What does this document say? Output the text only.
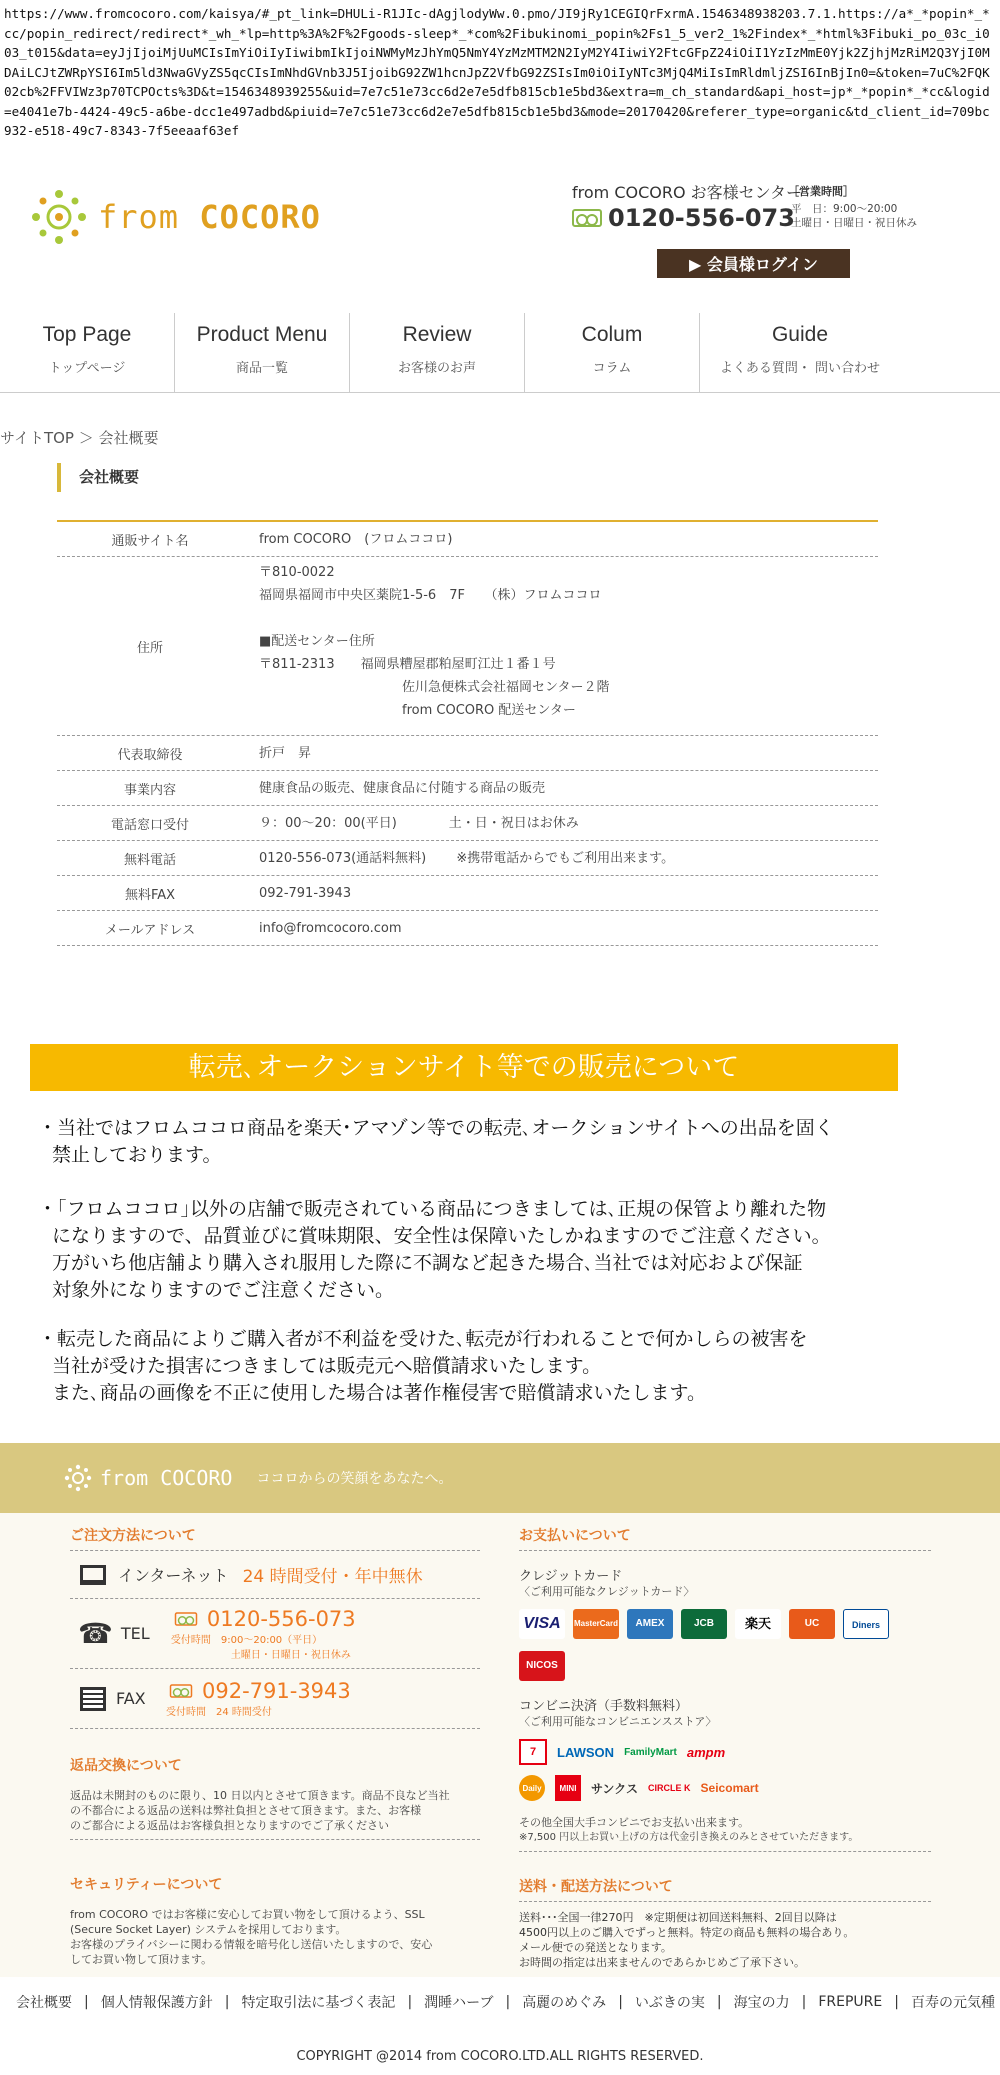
https://www.fromcocoro.com/kaisya/#_pt_link=DHULi-R1JIc-dAgjlodyWw.0.pmo/JI9jRy1CEGIQrFxrmA.1546348938203.7.1.https://a*_*popin*_*cc/popin_redirect/redirect*_wh_*lp=http%3A%2F%2Fgoods-sleep*_*com%2Fibukinomi_popin%2Fs1_5_ver2_1%2Findex*_*html%3Fibuki_po_03c_i003_t015&data=eyJjIjoiMjUuMCIsImYiOiIyIiwibmIkIjoiNWMyMzJhYmQ5NmY4YzMzMTM2N2IyM2Y4IiwiY2FtcGFpZ24iOiI1YzIzMmE0Yjk2ZjhjMzRiM2Q3YjI0MDAiLCJtZWRpYSI6Im5ld3NwaGVyZS5qcCIsImNhdGVnb3J5IjoibG92ZW1hcnJpZ2VfbG92ZSIsIm0iOiIyNTc3MjQ4MiIsImRldmljZSI6InBjIn0=&token=7uC%2FQK02cb%2FFVIWz3p70TCPOcts%3D&t=1546348939255&uid=7e7c51e73cc6d2e7e5dfb815cb1e5bd3&extra=m_ch_standard&api_host=jp*_*popin*_*cc&logid=e4041e7b-4424-49c5-a6be-dcc1e497adbd&piuid=7e7c51e73cc6d2e7e5dfb815cb1e5bd3&mode=20170420&referer_type=organic&td_client_id=709bc932-e518-49c7-8343-7f5eeaaf63ef
from COCORO
from COCORO お客様センター
［営業時間］
0120-556-073
平　日：9:00～20:00
土曜日・日曜日・祝日休み
▶ 会員様ログイン
Top Page
トップページ
Product Menu
商品一覧
Review
お客様のお声
Colum
コラム
Guide
よくある質問・ 問い合わせ
サイトTOP ＞ 会社概要
会社概要
通販サイト名	from COCORO　(フロムココロ)
住所
〒810-0022
福岡県福岡市中央区薬院1-5-6　7F　　（株）フロムココロ
■配送センター住所
〒811-2313　　福岡県糟屋郡粕屋町江辻１番１号
　　　　　　　　　　　佐川急便株式会社福岡センター２階
　　　　　　　　　　　from COCORO 配送センター
代表取締役	折戸　昇
事業内容	健康食品の販売、健康食品に付随する商品の販売
電話窓口受付	９：00～20：00(平日)　　　　土・日・祝日はお休み
無料電話	0120-556-073(通話料無料)　　 ※携帯電話からでもご利用出来ます。
無料FAX	092-791-3943
メールアドレス	info@fromcocoro.com
転売､オークションサイト等での販売について

・当社ではフロムココロ商品を楽天･アマゾン等での転売､オークションサイトへの出品を固く

禁止しております。

・｢フロムココロ｣以外の店舗で販売されている商品につきましては､正規の保管より離れた物

になりますので、品質並びに賞味期限、安全性は保障いたしかねますのでご注意ください。

万がいち他店舗より購入され服用した際に不調など起きた場合､当社では対応および保証

対象外になりますのでご注意ください。

・転売した商品によりご購入者が不利益を受けた､転売が行われることで何かしらの被害を

当社が受けた損害につきましては販売元へ賠償請求いたします。

また､商品の画像を不正に使用した場合は著作権侵害で賠償請求いたします。

from COCORO ココロからの笑顔をあなたへ。
ご注文方法について
インターネット 24 時間受付・年中無休
☎ TEL
0120-556-073
受付時間　9:00～20:00（平日）
土曜日・日曜日・祝日休み
FAX	092-791-3943
受付時間　24 時間受付
返品交換について
返品は未開封のものに限り、10 日以内とさせて頂きます。商品不良など当社
の不都合による返品の送料は弊社負担とさせて頂きます。また、お客様
のご都合による返品はお客様負担となりますのでご了承ください
セキュリティーについて
from COCORO ではお客様に安心してお買い物をして頂けるよう、SSL
(Secure Socket Layer) システムを採用しております。
お客様のプライバシーに関わる情報を暗号化し送信いたしますので、安心
してお買い物して頂けます。
お支払いについて
クレジットカード
〈ご利用可能なクレジットカード〉
VISA	MasterCard	AMEX	JCB	楽天	UC	Diners
NICOS
コンビニ決済（手数料無料）
〈ご利用可能なコンビニエンスストア〉
7	LAWSON FamilyMart ampm
Daily	MINI	サンクス CIRCLE K Seicomart
その他全国大手コンビニでお支払い出来ます。
※7,500 円以上お買い上げの方は代金引き換えのみとさせていただきます。
送料・配送方法について
送料･･･全国一律270円　※定期便は初回送料無料、2回目以降は
4500円以上のご購入でずっと無料。特定の商品も無料の場合あり。
メール便での発送となります。
お時間の指定は出来ませんのであらかじめご了承下さい。
会社概要 | 個人情報保護方針 | 特定取引法に基づく表記 | 潤睡ハーブ | 高麗のめぐみ | いぶきの実 | 海宝の力 | FREPURE | 百寿の元気種
COPYRIGHT @2014 from COCORO.LTD.ALL RIGHTS RESERVED.
